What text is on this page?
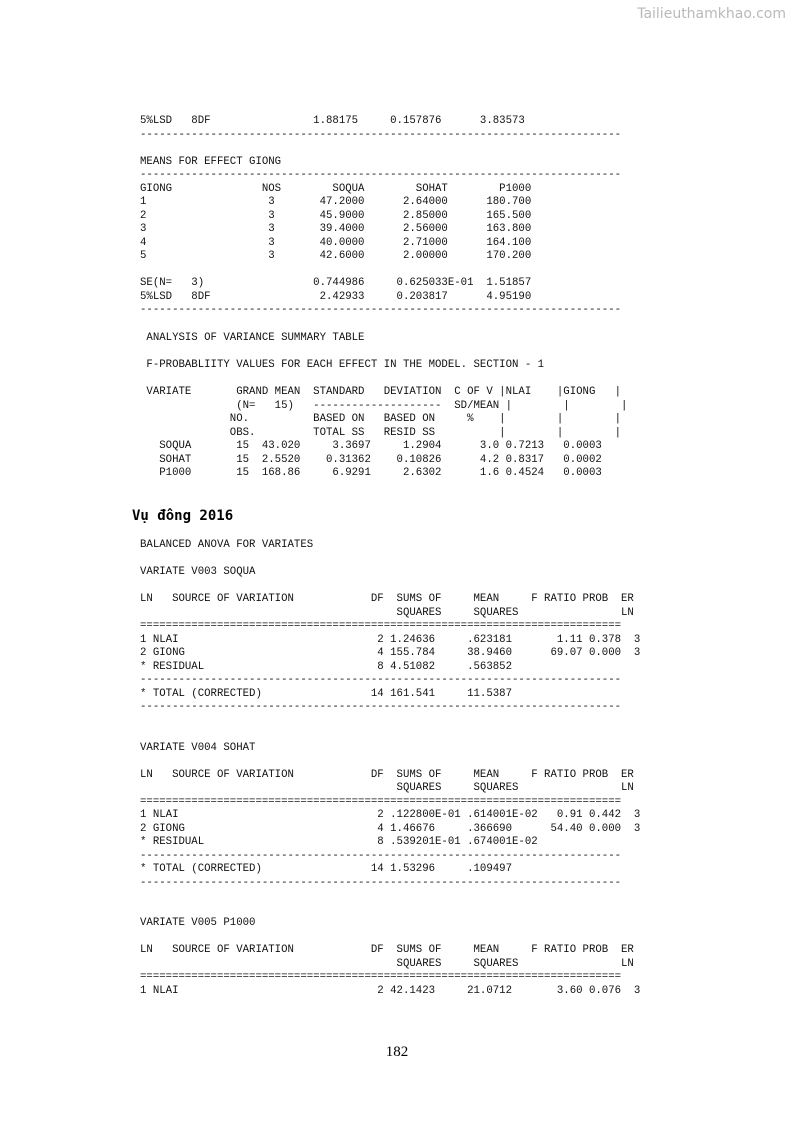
Tailieuthamkhao.com
5%LSD   8DF                1.88175     0.157876      3.83573
---------------------------------------------------------------------------

MEANS FOR EFFECT GIONG
---------------------------------------------------------------------------
GIONG              NOS        SOQUA        SOHAT        P1000
1                   3       47.2000      2.64000      180.700
2                   3       45.9000      2.85000      165.500
3                   3       39.4000      2.56000      163.800
4                   3       40.0000      2.71000      164.100
5                   3       42.6000      2.00000      170.200

SE(N=   3)                 0.744986     0.625033E-01  1.51857
5%LSD   8DF                 2.42933     0.203817      4.95190
---------------------------------------------------------------------------
ANALYSIS OF VARIANCE SUMMARY TABLE

F-PROBABLIITY VALUES FOR EACH EFFECT IN THE MODEL. SECTION - 1

VARIATE       GRAND MEAN  STANDARD   DEVIATION  C OF V |NLAI    |GIONG   |
(N=   15)   --------------------  SD/MEAN |        |        |
NO.          BASED ON   BASED ON     %    |        |        |
OBS.         TOTAL SS   RESID SS          |        |        |
SOQUA       15  43.020     3.3697     1.2904      3.0 0.7213   0.0003
SOHAT       15  2.5520    0.31362    0.10826      4.2 0.8317   0.0002
P1000       15  168.86     6.9291     2.6302      1.6 0.4524   0.0003
Vụ đông 2016
BALANCED ANOVA FOR VARIATES

VARIATE V003 SOQUA

LN   SOURCE OF VARIATION            DF  SUMS OF     MEAN     F RATIO PROB  ER
SQUARES     SQUARES                LN
===========================================================================
1 NLAI                               2 1.24636     .623181       1.11 0.378  3
2 GIONG                              4 155.784     38.9460      69.07 0.000  3
* RESIDUAL                           8 4.51082     .563852
---------------------------------------------------------------------------
* TOTAL (CORRECTED)                 14 161.541     11.5387
---------------------------------------------------------------------------

VARIATE V004 SOHAT

LN   SOURCE OF VARIATION            DF  SUMS OF     MEAN     F RATIO PROB  ER
SQUARES     SQUARES                LN
===========================================================================
1 NLAI                               2 .122800E-01 .614001E-02   0.91 0.442  3
2 GIONG                              4 1.46676     .366690      54.40 0.000  3
* RESIDUAL                           8 .539201E-01 .674001E-02
---------------------------------------------------------------------------
* TOTAL (CORRECTED)                 14 1.53296     .109497
---------------------------------------------------------------------------

VARIATE V005 P1000

LN   SOURCE OF VARIATION            DF  SUMS OF     MEAN     F RATIO PROB  ER
SQUARES     SQUARES                LN
===========================================================================
1 NLAI                               2 42.1423     21.0712       3.60 0.076  3
182
